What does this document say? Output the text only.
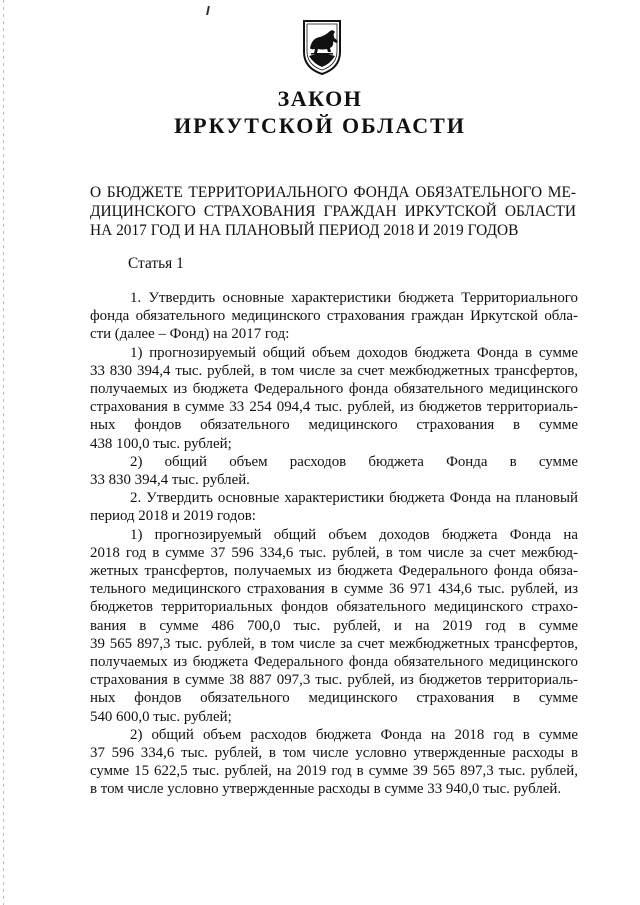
ЗАКОН
ИРКУТСКОЙ ОБЛАСТИ
О БЮДЖЕТЕ ТЕРРИТОРИАЛЬНОГО ФОНДА ОБЯЗАТЕЛЬНОГО МЕ-
ДИЦИНСКОГО СТРАХОВАНИЯ ГРАЖДАН ИРКУТСКОЙ ОБЛАСТИ
НА 2017 ГОД И НА ПЛАНОВЫЙ ПЕРИОД 2018 И 2019 ГОДОВ
Статья 1
1. Утвердить основные характеристики бюджета Территориального
фонда обязательного медицинского страхования граждан Иркутской обла-
сти (далее – Фонд) на 2017 год:
1) прогнозируемый общий объем доходов бюджета Фонда в сумме
33 830 394,4 тыс. рублей, в том числе за счет межбюджетных трансфертов,
получаемых из бюджета Федерального фонда обязательного медицинского
страхования в сумме 33 254 094,4 тыс. рублей, из бюджетов территориаль-
ных фондов обязательного медицинского страхования в сумме
438 100,0 тыс. рублей;
2) общий объем расходов бюджета Фонда в сумме
33 830 394,4 тыс. рублей.
2. Утвердить основные характеристики бюджета Фонда на плановый
период 2018 и 2019 годов:
1) прогнозируемый общий объем доходов бюджета Фонда на
2018 год в сумме 37 596 334,6 тыс. рублей, в том числе за счет межбюд-
жетных трансфертов, получаемых из бюджета Федерального фонда обяза-
тельного медицинского страхования в сумме 36 971 434,6 тыс. рублей, из
бюджетов территориальных фондов обязательного медицинского страхо-
вания в сумме 486 700,0 тыс. рублей, и на 2019 год в сумме
39 565 897,3 тыс. рублей, в том числе за счет межбюджетных трансфертов,
получаемых из бюджета Федерального фонда обязательного медицинского
страхования в сумме 38 887 097,3 тыс. рублей, из бюджетов территориаль-
ных фондов обязательного медицинского страхования в сумме
540 600,0 тыс. рублей;
2) общий объем расходов бюджета Фонда на 2018 год в сумме
37 596 334,6 тыс. рублей, в том числе условно утвержденные расходы в
сумме 15 622,5 тыс. рублей, на 2019 год в сумме 39 565 897,3 тыс. рублей,
в том числе условно утвержденные расходы в сумме 33 940,0 тыс. рублей.
